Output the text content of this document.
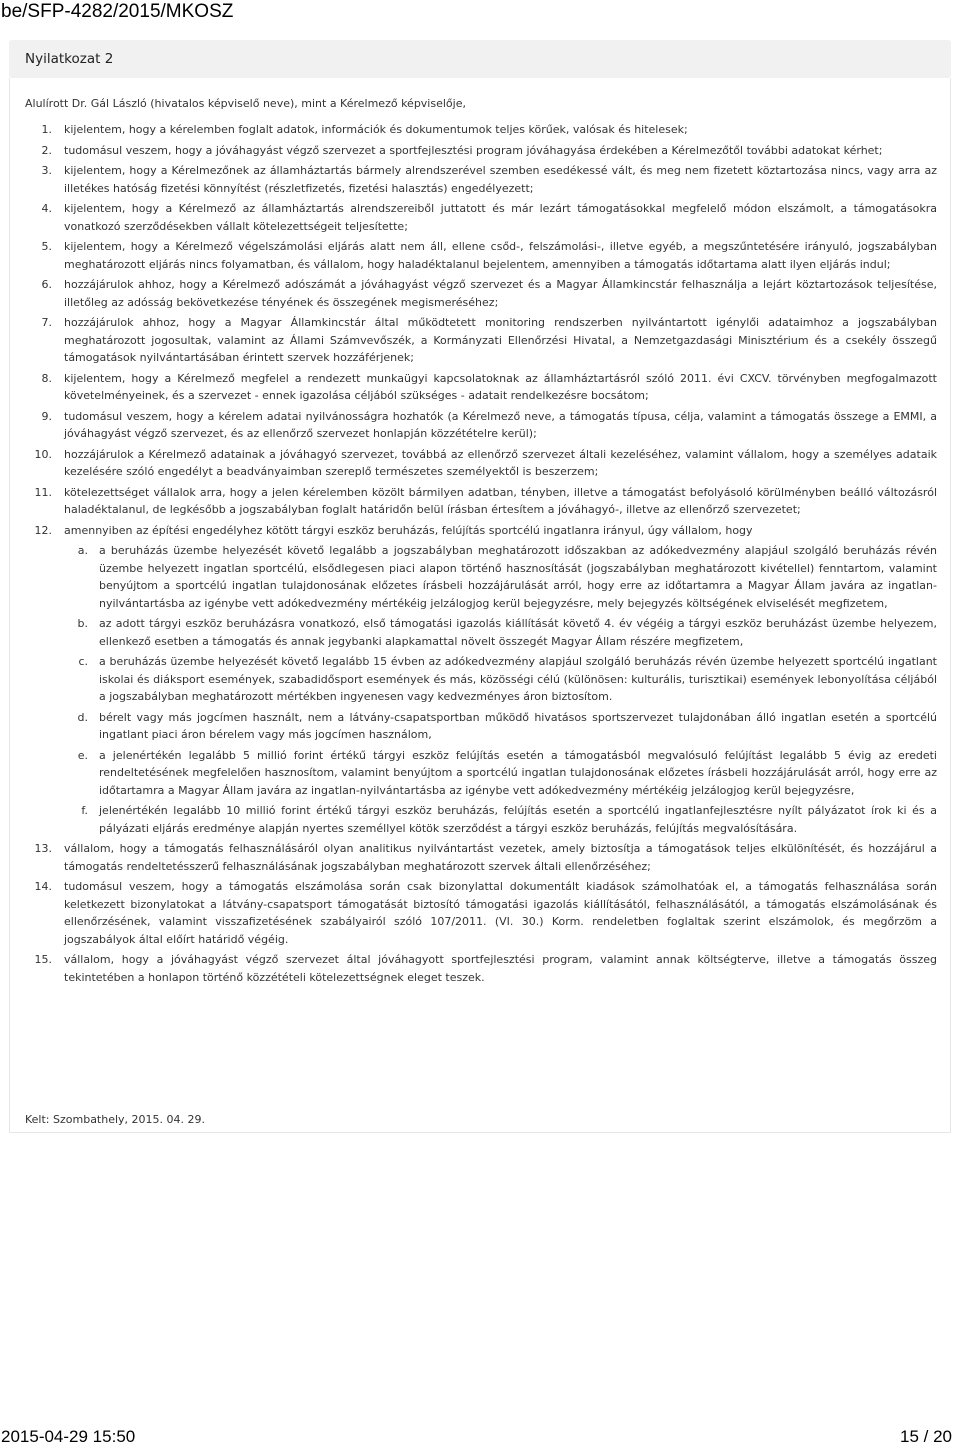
be/SFP-4282/2015/MKOSZ
Nyilatkozat 2
Alulírott Dr. Gál László (hivatalos képviselő neve), mint a Kérelmező képviselője,
1. kijelentem, hogy a kérelemben foglalt adatok, információk és dokumentumok teljes körűek, valósak és hitelesek;
2. tudomásul veszem, hogy a jóváhagyást végző szervezet a sportfejlesztési program jóváhagyása érdekében a Kérelmezőtől további adatokat kérhet;
3. kijelentem, hogy a Kérelmezőnek az államháztartás bármely alrendszerével szemben esedékessé vált, és meg nem fizetett köztartozása nincs, vagy arra az illetékes hatóság fizetési könnyítést (részletfizetés, fizetési halasztás) engedélyezett;
4. kijelentem, hogy a Kérelmező az államháztartás alrendszereiből juttatott és már lezárt támogatásokkal megfelelő módon elszámolt, a támogatásokra vonatkozó szerződésekben vállalt kötelezettségeit teljesítette;
5. kijelentem, hogy a Kérelmező végelszámolási eljárás alatt nem áll, ellene csőd-, felszámolási-, illetve egyéb, a megszűntetésére irányuló, jogszabályban meghatározott eljárás nincs folyamatban, és vállalom, hogy haladéktalanul bejelentem, amennyiben a támogatás időtartama alatt ilyen eljárás indul;
6. hozzájárulok ahhoz, hogy a Kérelmező adószámát a jóváhagyást végző szervezet és a Magyar Államkincstár felhasználja a lejárt köztartozások teljesítése, illetőleg az adósság bekövetkezése tényének és összegének megismeréséhez;
7. hozzájárulok ahhoz, hogy a Magyar Államkincstár által működtetett monitoring rendszerben nyilvántartott igénylői adataimhoz a jogszabályban meghatározott jogosultak, valamint az Állami Számvevőszék, a Kormányzati Ellenőrzési Hivatal, a Nemzetgazdasági Minisztérium és a csekély összegű támogatások nyilvántartásában érintett szervek hozzáférjenek;
8. kijelentem, hogy a Kérelmező megfelel a rendezett munkaügyi kapcsolatoknak az államháztartásról szóló 2011. évi CXCV. törvényben megfogalmazott követelményeinek, és a szervezet - ennek igazolása céljából szükséges - adatait rendelkezésre bocsátom;
9. tudomásul veszem, hogy a kérelem adatai nyilvánosságra hozhatók (a Kérelmező neve, a támogatás típusa, célja, valamint a támogatás összege a EMMI, a jóváhagyást végző szervezet, és az ellenőrző szervezet honlapján közzétételre kerül);
10. hozzájárulok a Kérelmező adatainak a jóváhagyó szervezet, továbbá az ellenőrző szervezet általi kezeléséhez, valamint vállalom, hogy a személyes adataik kezelésére szóló engedélyt a beadványaimban szereplő természetes személyektől is beszerzem;
11. kötelezettséget vállalok arra, hogy a jelen kérelemben közölt bármilyen adatban, tényben, illetve a támogatást befolyásoló körülményben beálló változásról haladéktalanul, de legkésőbb a jogszabályban foglalt határidőn belül írásban értesítem a jóváhagyó-, illetve az ellenőrző szervezetet;
12. amennyiben az építési engedélyhez kötött tárgyi eszköz beruházás, felújítás sportcélú ingatlanra irányul, úgy vállalom, hogy
a. a beruházás üzembe helyezését követő legalább a jogszabályban meghatározott időszakban az adókedvezmény alapjául szolgáló beruházás révén üzembe helyezett ingatlan sportcélú, elsődlegesen piaci alapon történő hasznosítását (jogszabályban meghatározott kivétellel) fenntartom, valamint benyújtom a sportcélú ingatlan tulajdonosának előzetes írásbeli hozzájárulását arról, hogy erre az időtartamra a Magyar Állam javára az ingatlan-nyilvántartásba az igénybe vett adókedvezmény mértékéig jelzálogjog kerül bejegyzésre, mely bejegyzés költségének elviselését megfizetem,
b. az adott tárgyi eszköz beruházásra vonatkozó, első támogatási igazolás kiállítását követő 4. év végéig a tárgyi eszköz beruházást üzembe helyezem, ellenkező esetben a támogatás és annak jegybanki alapkamattal növelt összegét Magyar Állam részére megfizetem,
c. a beruházás üzembe helyezését követő legalább 15 évben az adókedvezmény alapjául szolgáló beruházás révén üzembe helyezett sportcélú ingatlant iskolai és diáksport események, szabadidősport események és más, közösségi célú (különösen: kulturális, turisztikai) események lebonyolítása céljából a jogszabályban meghatározott mértékben ingyenesen vagy kedvezményes áron biztosítom.
d. bérelt vagy más jogcímen használt, nem a látvány-csapatsportban működő hivatásos sportszervezet tulajdonában álló ingatlan esetén a sportcélú ingatlant piaci áron bérelem vagy más jogcímen használom,
e. a jelenértékén legalább 5 millió forint értékű tárgyi eszköz felújítás esetén a támogatásból megvalósuló felújítást legalább 5 évig az eredeti rendeltetésének megfelelően hasznosítom, valamint benyújtom a sportcélú ingatlan tulajdonosának előzetes írásbeli hozzájárulását arról, hogy erre az időtartamra a Magyar Állam javára az ingatlan-nyilvántartásba az igénybe vett adókedvezmény mértékéig jelzálogjog kerül bejegyzésre,
f. jelenértékén legalább 10 millió forint értékű tárgyi eszköz beruházás, felújítás esetén a sportcélú ingatlanfejlesztésre nyílt pályázatot írok ki és a pályázati eljárás eredménye alapján nyertes személlyel kötök szerződést a tárgyi eszköz beruházás, felújítás megvalósítására.
13. vállalom, hogy a támogatás felhasználásáról olyan analitikus nyilvántartást vezetek, amely biztosítja a támogatások teljes elkülönítését, és hozzájárul a támogatás rendeltetésszerű felhasználásának jogszabályban meghatározott szervek általi ellenőrzéséhez;
14. tudomásul veszem, hogy a támogatás elszámolása során csak bizonylattal dokumentált kiadások számolhatóak el, a támogatás felhasználása során keletkezett bizonylatokat a látvány-csapatsport támogatását biztosító támogatási igazolás kiállításától, felhasználásától, a támogatás elszámolásának és ellenőrzésének, valamint visszafizetésének szabályairól szóló 107/2011. (VI. 30.) Korm. rendeletben foglaltak szerint elszámolok, és megőrzöm a jogszabályok által előírt határidő végéig.
15. vállalom, hogy a jóváhagyást végző szervezet által jóváhagyott sportfejlesztési program, valamint annak költségterve, illetve a támogatás összeg tekintetében a honlapon történő közzétételi kötelezettségnek eleget teszek.
Kelt: Szombathely, 2015. 04. 29.
2015-04-29 15:50	15 / 20
